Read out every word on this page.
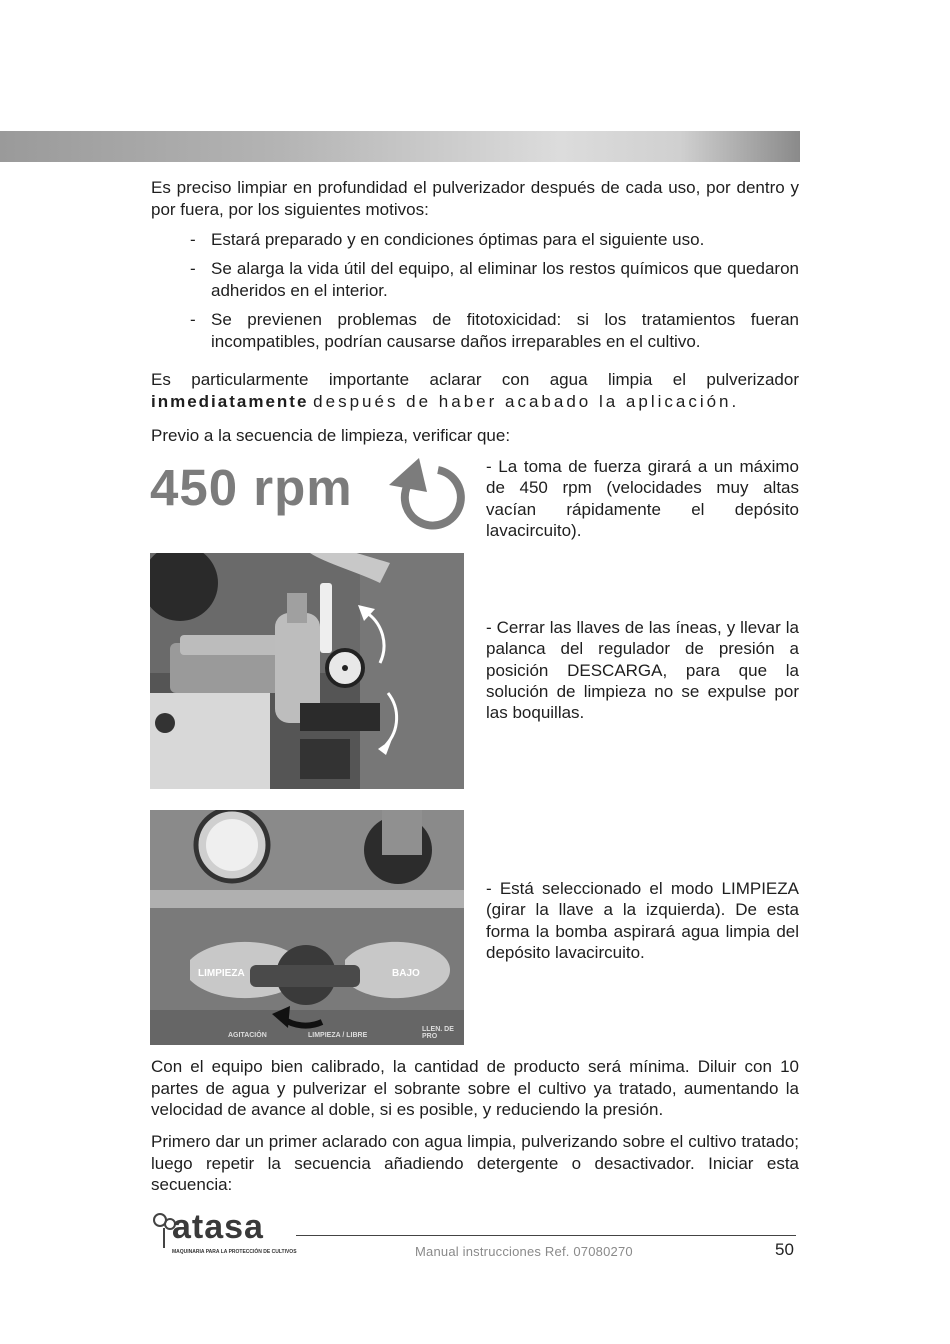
Es preciso limpiar en profundidad el pulverizador después de cada uso, por dentro y por fuera, por los siguientes motivos:

- Estará preparado y en condiciones óptimas para el siguiente uso.

- Se alarga la vida útil del equipo, al eliminar los restos químicos que quedaron adheridos en el interior.

- Se previenen problemas de fitotoxicidad: si los tratamientos fueran incompatibles, podrían causarse daños irreparables en el cultivo.

Es particularmente importante aclarar con agua limpia el pulverizador inmediatamente después de haber acabado la aplicación.

Previo a la secuencia de limpieza, verificar que:

450 rpm	- La toma de fuerza girará a un máximo de 450 rpm (velocidades muy altas vacían rápidamente el depósito lavacircuito).

- Cerrar las llaves de las íneas, y llevar la palanca del regulador de presión a posición DESCARGA, para que la solución de limpieza no se expulse por las boquillas.

LIMPIEZA	BAJO
AGITACIÓN	LIMPIEZA / LIBRE
LLEN. DE PRO

- Está seleccionado el modo LIMPIEZA (girar la llave a la izquierda). De esta forma la bomba aspirará agua limpia del depósito lavacircuito.

Con el equipo bien calibrado, la cantidad de producto será mínima. Diluir con 10 partes de agua y pulverizar el sobrante sobre el cultivo ya tratado, aumentando la velocidad de avance al doble, si es posible, y reduciendo la presión.

Primero dar un primer aclarado con agua limpia, pulverizando sobre el cultivo tratado; luego repetir la secuencia añadiendo detergente o desactivador. Iniciar esta secuencia:

atasa
MAQUINARIA PARA LA PROTECCIÓN DE CULTIVOS	Manual instrucciones Ref. 07080270	50
